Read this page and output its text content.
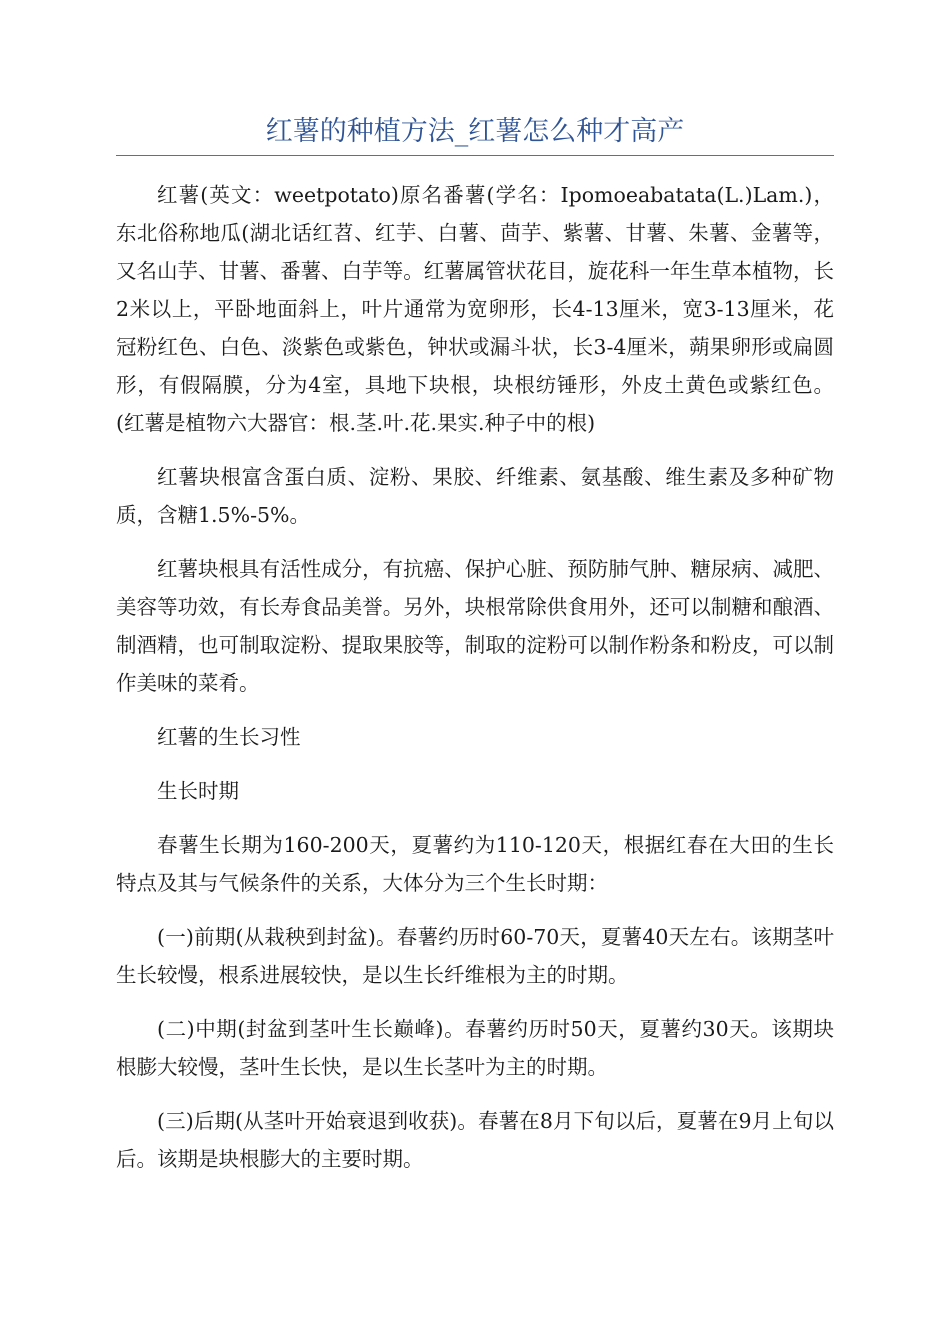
红薯的种植方法_红薯怎么种才高产

红薯(英文：weetpotato)原名番薯(学名：Ipomoeabatata(L.)Lam.)，东北俗称地瓜(湖北话红苕、红芋、白薯、茴芋、紫薯、甘薯、朱薯、金薯等，又名山芋、甘薯、番薯、白芋等。红薯属管状花目，旋花科一年生草本植物，长2米以上，平卧地面斜上，叶片通常为宽卵形，长4-13厘米，宽3-13厘米，花冠粉红色、白色、淡紫色或紫色，钟状或漏斗状，长3-4厘米，蒴果卵形或扁圆形，有假隔膜，分为4室，具地下块根，块根纺锤形，外皮土黄色或紫红色。(红薯是植物六大器官：根.茎.叶.花.果实.种子中的根)

红薯块根富含蛋白质、淀粉、果胶、纤维素、氨基酸、维生素及多种矿物质，含糖1.5%-5%。

红薯块根具有活性成分，有抗癌、保护心脏、预防肺气肿、糖尿病、减肥、美容等功效，有长寿食品美誉。另外，块根常除供食用外，还可以制糖和酿酒、制酒精，也可制取淀粉、提取果胶等，制取的淀粉可以制作粉条和粉皮，可以制作美味的菜肴。

红薯的生长习性

生长时期

春薯生长期为160-200天，夏薯约为110-120天，根据红春在大田的生长特点及其与气候条件的关系，大体分为三个生长时期：

(一)前期(从栽秧到封盆)。春薯约历时60-70天，夏薯40天左右。该期茎叶生长较慢，根系进展较快，是以生长纤维根为主的时期。

(二)中期(封盆到茎叶生长巅峰)。春薯约历时50天，夏薯约30天。该期块根膨大较慢，茎叶生长快，是以生长茎叶为主的时期。

(三)后期(从茎叶开始衰退到收获)。春薯在8月下旬以后，夏薯在9月上旬以后。该期是块根膨大的主要时期。
